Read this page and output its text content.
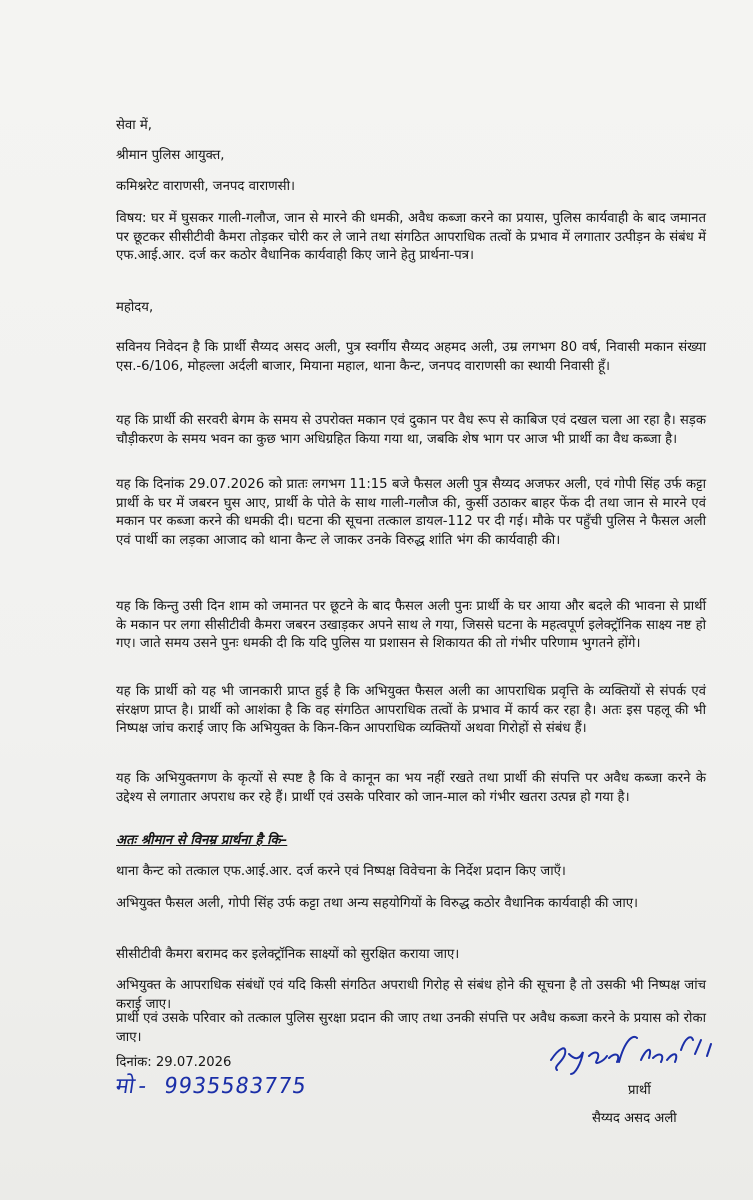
सेवा में,

श्रीमान पुलिस आयुक्त,

कमिश्नरेट वाराणसी, जनपद वाराणसी।

विषय: घर में घुसकर गाली-गलौज, जान से मारने की धमकी, अवैध कब्जा करने का प्रयास, पुलिस कार्यवाही के बाद जमानत पर छूटकर सीसीटीवी कैमरा तोड़कर चोरी कर ले जाने तथा संगठित आपराधिक तत्वों के प्रभाव में लगातार उत्पीड़न के संबंध में एफ.आई.आर. दर्ज कर कठोर वैधानिक कार्यवाही किए जाने हेतु प्रार्थना-पत्र।

महोदय,

सविनय निवेदन है कि प्रार्थी सैय्यद असद अली, पुत्र स्वर्गीय सैय्यद अहमद अली, उम्र लगभग 80 वर्ष, निवासी मकान संख्या एस.-6/106, मोहल्ला अर्दली बाजार, मियाना महाल, थाना कैन्ट, जनपद वाराणसी का स्थायी निवासी हूँ।

यह कि प्रार्थी की सरवरी बेगम के समय से उपरोक्त मकान एवं दुकान पर वैध रूप से काबिज एवं दखल चला आ रहा है। सड़क चौड़ीकरण के समय भवन का कुछ भाग अधिग्रहित किया गया था, जबकि शेष भाग पर आज भी प्रार्थी का वैध कब्जा है।

यह कि दिनांक 29.07.2026 को प्रातः लगभग 11:15 बजे फैसल अली पुत्र सैय्यद अजफर अली, एवं गोपी सिंह उर्फ कट्टा प्रार्थी के घर में जबरन घुस आए, प्रार्थी के पोते के साथ गाली-गलौज की, कुर्सी उठाकर बाहर फेंक दी तथा जान से मारने एवं मकान पर कब्जा करने की धमकी दी। घटना की सूचना तत्काल डायल-112 पर दी गई। मौके पर पहुँची पुलिस ने फैसल अली एवं पार्थी का लड़का आजाद को थाना कैन्ट ले जाकर उनके विरुद्ध शांति भंग की कार्यवाही की।

यह कि किन्तु उसी दिन शाम को जमानत पर छूटने के बाद फैसल अली पुनः प्रार्थी के घर आया और बदले की भावना से प्रार्थी के मकान पर लगा सीसीटीवी कैमरा जबरन उखाड़कर अपने साथ ले गया, जिससे घटना के महत्वपूर्ण इलेक्ट्रॉनिक साक्ष्य नष्ट हो गए। जाते समय उसने पुनः धमकी दी कि यदि पुलिस या प्रशासन से शिकायत की तो गंभीर परिणाम भुगतने होंगे।

यह कि प्रार्थी को यह भी जानकारी प्राप्त हुई है कि अभियुक्त फैसल अली का आपराधिक प्रवृत्ति के व्यक्तियों से संपर्क एवं संरक्षण प्राप्त है। प्रार्थी को आशंका है कि वह संगठित आपराधिक तत्वों के प्रभाव में कार्य कर रहा है। अतः इस पहलू की भी निष्पक्ष जांच कराई जाए कि अभियुक्त के किन-किन आपराधिक व्यक्तियों अथवा गिरोहों से संबंध हैं।

यह कि अभियुक्तगण के कृत्यों से स्पष्ट है कि वे कानून का भय नहीं रखते तथा प्रार्थी की संपत्ति पर अवैध कब्जा करने के उद्देश्य से लगातार अपराध कर रहे हैं। प्रार्थी एवं उसके परिवार को जान-माल को गंभीर खतरा उत्पन्न हो गया है।

अतः श्रीमान से विनम्र प्रार्थना है कि–

थाना कैन्ट को तत्काल एफ.आई.आर. दर्ज करने एवं निष्पक्ष विवेचना के निर्देश प्रदान किए जाएँ।

अभियुक्त फैसल अली, गोपी सिंह उर्फ कट्टा तथा अन्य सहयोगियों के विरुद्ध कठोर वैधानिक कार्यवाही की जाए।

सीसीटीवी कैमरा बरामद कर इलेक्ट्रॉनिक साक्ष्यों को सुरक्षित कराया जाए।

अभियुक्त के आपराधिक संबंधों एवं यदि किसी संगठित अपराधी गिरोह से संबंध होने की सूचना है तो उसकी भी निष्पक्ष जांच कराई जाए।

दिनांक: 29.07.2026
मो- 9935583775	प्रार्थी
सैय्यद असद अली

प्रार्थी एवं उसके परिवार को तत्काल पुलिस सुरक्षा प्रदान की जाए तथा उनकी संपत्ति पर अवैध कब्जा करने के प्रयास को रोका जाए।
